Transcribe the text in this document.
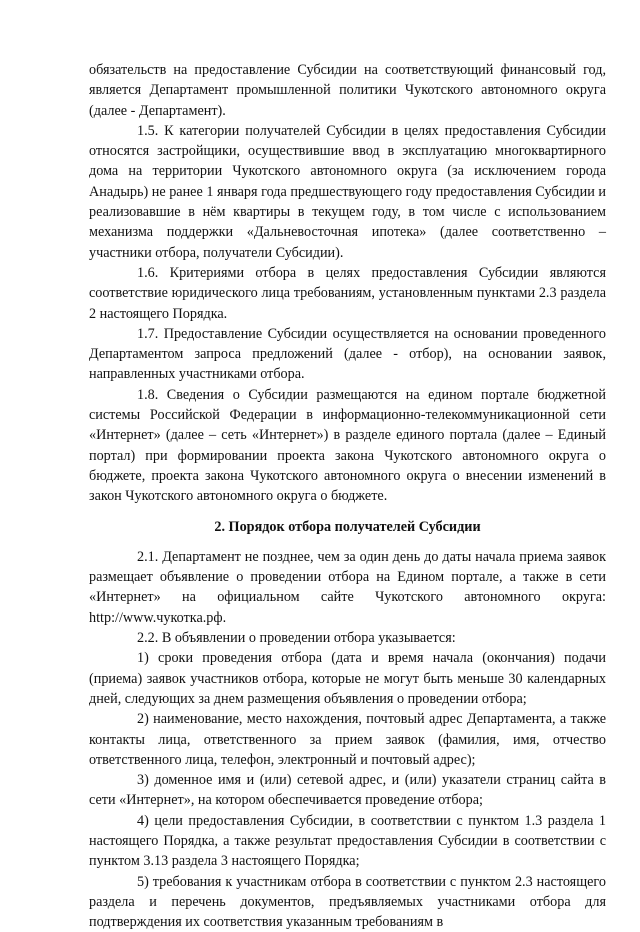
обязательств на предоставление Субсидии на соответствующий финансовый год, является Департамент промышленной политики Чукотского автономного округа (далее - Департамент).

1.5. К категории получателей Субсидии в целях предоставления Субсидии относятся застройщики, осуществившие ввод в эксплуатацию многоквартирного дома на территории Чукотского автономного округа (за исключением города Анадырь) не ранее 1 января года предшествующего году предоставления Субсидии и реализовавшие в нём квартиры в текущем году, в том числе с использованием механизма поддержки «Дальневосточная ипотека» (далее соответственно – участники отбора, получатели Субсидии).

1.6. Критериями отбора в целях предоставления Субсидии являются соответствие юридического лица требованиям, установленным пунктами 2.3 раздела 2 настоящего Порядка.

1.7. Предоставление Субсидии осуществляется на основании проведенного Департаментом запроса предложений (далее - отбор), на основании заявок, направленных участниками отбора.

1.8. Сведения о Субсидии размещаются на едином портале бюджетной системы Российской Федерации в информационно-телекоммуникационной сети «Интернет» (далее – сеть «Интернет») в разделе единого портала (далее – Единый портал) при формировании проекта закона Чукотского автономного округа о бюджете, проекта закона Чукотского автономного округа о внесении изменений в закон Чукотского автономного округа о бюджете.

2. Порядок отбора получателей Субсидии

2.1. Департамент не позднее, чем за один день до даты начала приема заявок размещает объявление о проведении отбора на Едином портале, а также в сети «Интернет» на официальном сайте Чукотского автономного округа: http://www.чукотка.рф.

2.2. В объявлении о проведении отбора указывается:

1) сроки проведения отбора (дата и время начала (окончания) подачи (приема) заявок участников отбора, которые не могут быть меньше 30 календарных дней, следующих за днем размещения объявления о проведении отбора;

2) наименование, место нахождения, почтовый адрес Департамента, а также контакты лица, ответственного за прием заявок (фамилия, имя, отчество ответственного лица, телефон, электронный и почтовый адрес);

3) доменное имя и (или) сетевой адрес, и (или) указатели страниц сайта в сети «Интернет», на котором обеспечивается проведение отбора;

4) цели предоставления Субсидии, в соответствии с пунктом 1.3 раздела 1 настоящего Порядка, а также результат предоставления Субсидии в соответствии с пунктом 3.13 раздела 3 настоящего Порядка;

5) требования к участникам отбора в соответствии с пунктом 2.3 настоящего раздела и перечень документов, предъявляемых участниками отбора для подтверждения их соответствия указанным требованиям в
